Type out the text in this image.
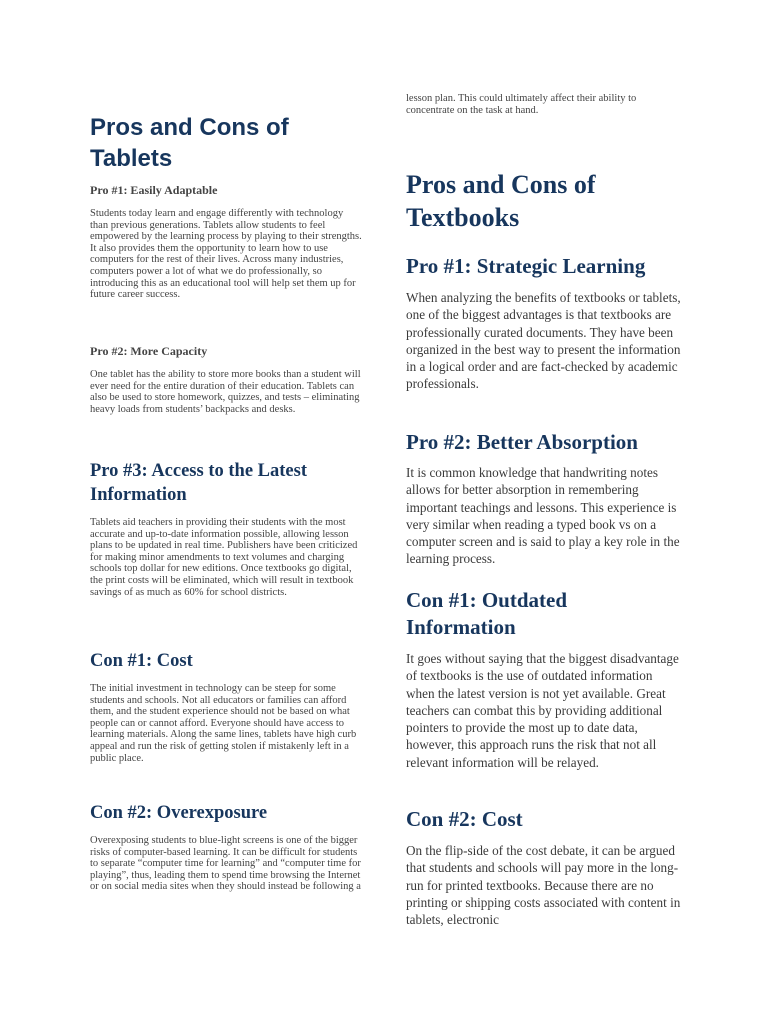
Pros and Cons of Tablets
Pro #1: Easily Adaptable

Students today learn and engage differently with technology than previous generations. Tablets allow students to feel empowered by the learning process by playing to their strengths. It also provides them the opportunity to learn how to use computers for the rest of their lives. Across many industries, computers power a lot of what we do professionally, so introducing this as an educational tool will help set them up for future career success.

Pro #2: More Capacity

One tablet has the ability to store more books than a student will ever need for the entire duration of their education. Tablets can also be used to store homework, quizzes, and tests – eliminating heavy loads from students’ backpacks and desks.

Pro #3: Access to the Latest Information

Tablets aid teachers in providing their students with the most accurate and up-to-date information possible, allowing lesson plans to be updated in real time. Publishers have been criticized for making minor amendments to text volumes and charging schools top dollar for new editions. Once textbooks go digital, the print costs will be eliminated, which will result in textbook savings of as much as 60% for school districts.

Con #1: Cost

The initial investment in technology can be steep for some students and schools. Not all educators or families can afford them, and the student experience should not be based on what people can or cannot afford. Everyone should have access to learning materials. Along the same lines, tablets have high curb appeal and run the risk of getting stolen if mistakenly left in a public place.

Con #2: Overexposure

Overexposing students to blue-light screens is one of the bigger risks of computer-based learning. It can be difficult for students to separate “computer time for learning” and “computer time for playing”, thus, leading them to spend time browsing the Internet or on social media sites when they should instead be following a

lesson plan. This could ultimately affect their ability to concentrate on the task at hand.

Pros and Cons of Textbooks
Pro #1: Strategic Learning

When analyzing the benefits of textbooks or tablets, one of the biggest advantages is that textbooks are professionally curated documents. They have been organized in the best way to present the information in a logical order and are fact-checked by academic professionals.

Pro #2: Better Absorption

It is common knowledge that handwriting notes allows for better absorption in remembering important teachings and lessons. This experience is very similar when reading a typed book vs on a computer screen and is said to play a key role in the learning process.

Con #1: Outdated Information

It goes without saying that the biggest disadvantage of textbooks is the use of outdated information when the latest version is not yet available. Great teachers can combat this by providing additional pointers to provide the most up to date data, however, this approach runs the risk that not all relevant information will be relayed.

Con #2: Cost

On the flip-side of the cost debate, it can be argued that students and schools will pay more in the long-run for printed textbooks. Because there are no printing or shipping costs associated with content in tablets, electronic
